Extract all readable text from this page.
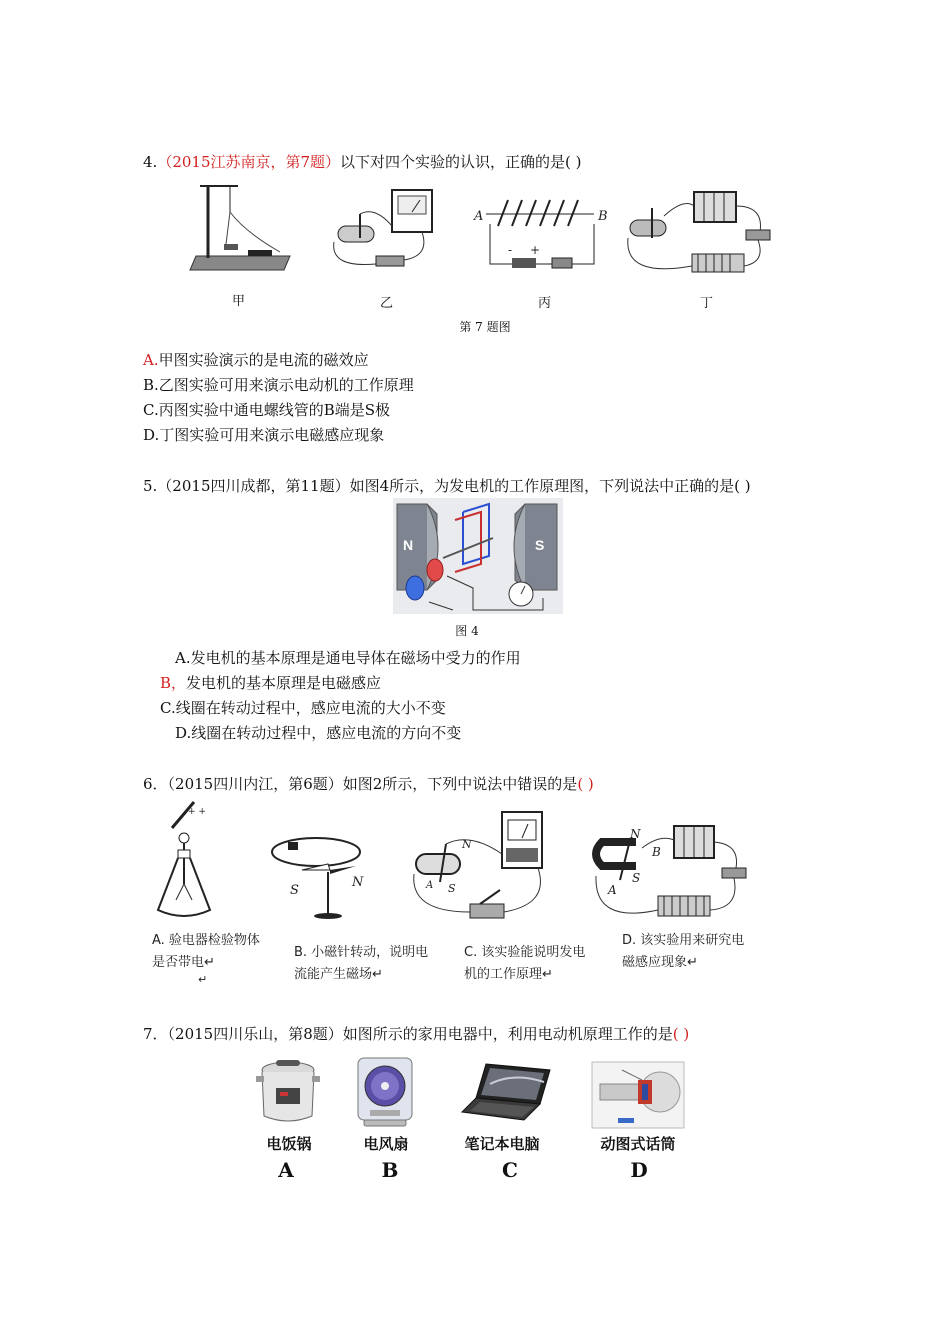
4.（2015江苏南京，第7题）以下对四个实验的认识，正确的是( )
甲	乙
A	B
- +
丙	丁
第 7 题图
A.甲图实验演示的是电流的磁效应
B.乙图实验可用来演示电动机的工作原理
C.丙图实验中通电螺线管的B端是S极
D.丁图实验可用来演示电磁感应现象
5.（2015四川成都，第11题）如图4所示，为发电机的工作原理图，下列说法中正确的是( )
N	S
图 4
A.发电机的基本原理是通电导体在磁场中受力的作用
B，发电机的基本原理是电磁感应
C.线圈在转动过程中，感应电流的大小不变
D.线圈在转动过程中，感应电流的方向不变
6．（2015四川内江，第6题）如图2所示，下列中说法中错误的是( )
+ +
S
N
N
S
A
N
B
A
S
A. 验电器检验物体
是否带电↵
↵
B. 小磁针转动，说明电
流能产生磁场↵
C. 该实验能说明发电
机的工作原理↵
D. 该实验用来研究电
磁感应现象↵
7．（2015四川乐山，第8题）如图所示的家用电器中，利用电动机原理工作的是( )
电饭锅	电风扇	笔记本电脑	动图式话筒
A	B	C	D
